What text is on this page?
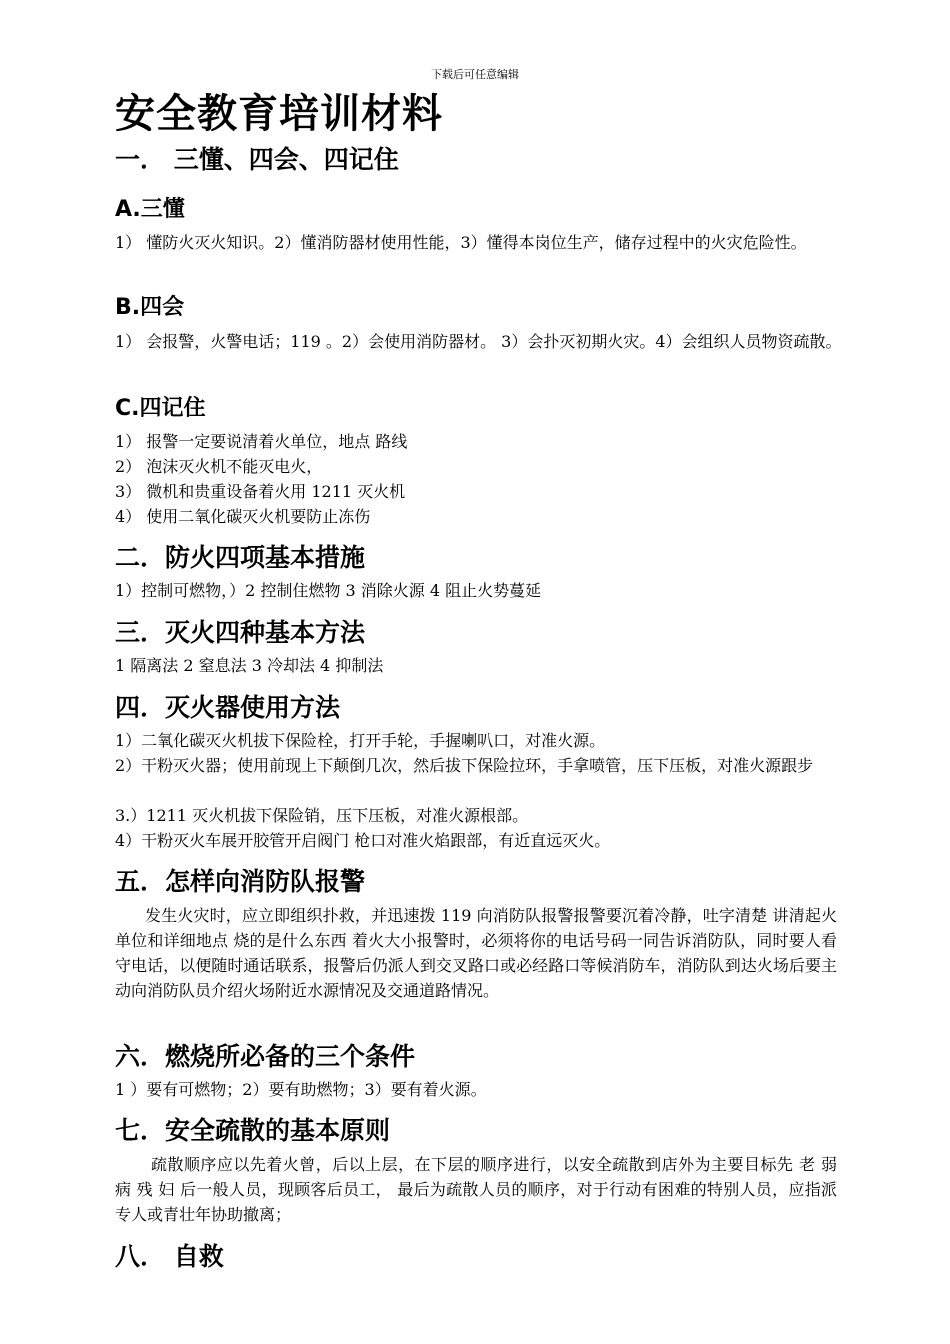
下载后可任意编辑
安全教育培训材料
一． 三懂、四会、四记住
A.三懂

1） 懂防火灭火知识。2）懂消防器材使用性能，3）懂得本岗位生产，储存过程中的火灾危险性。

B.四会

1） 会报警，火警电话；119 。2）会使用消防器材。 3）会扑灭初期火灾。4）会组织人员物资疏散。

C.四记住

1） 报警一定要说清着火单位，地点 路线

2） 泡沫灭火机不能灭电火，

3） 微机和贵重设备着火用 1211 灭火机

4） 使用二氧化碳灭火机要防止冻伤

二．防火四项基本措施

1）控制可燃物，）2 控制住燃物 3 消除火源 4 阻止火势蔓延

三．灭火四种基本方法

1 隔离法 2 窒息法 3 冷却法 4 抑制法

四．灭火器使用方法

1）二氧化碳灭火机拔下保险栓，打开手轮，手握喇叭口，对准火源。

2）干粉灭火器；使用前现上下颠倒几次，然后拔下保险拉环，手拿喷管，压下压板，对准火源跟步

3.）1211 灭火机拔下保险销，压下压板，对准火源根部。

4）干粉灭火车展开胶管开启阀门 枪口对准火焰跟部，有近直远灭火。

五．怎样向消防队报警

发生火灾时，应立即组织扑救，并迅速拨 119 向消防队报警报警要沉着冷静，吐字清楚 讲清起火单位和详细地点 烧的是什么东西 着火大小报警时，必须将你的电话号码一同告诉消防队，同时要人看守电话，以便随时通话联系，报警后仍派人到交叉路口或必经路口等候消防车，消防队到达火场后要主动向消防队员介绍火场附近水源情况及交通道路情况。

六．燃烧所必备的三个条件

1 ）要有可燃物；2）要有助燃物；3）要有着火源。

七．安全疏散的基本原则

疏散顺序应以先着火曾，后以上层，在下层的顺序进行，以安全疏散到店外为主要目标先 老 弱 病 残 妇 后一般人员，现顾客后员工， 最后为疏散人员的顺序，对于行动有困难的特别人员，应指派专人或青壮年协助撤离；

八． 自救
